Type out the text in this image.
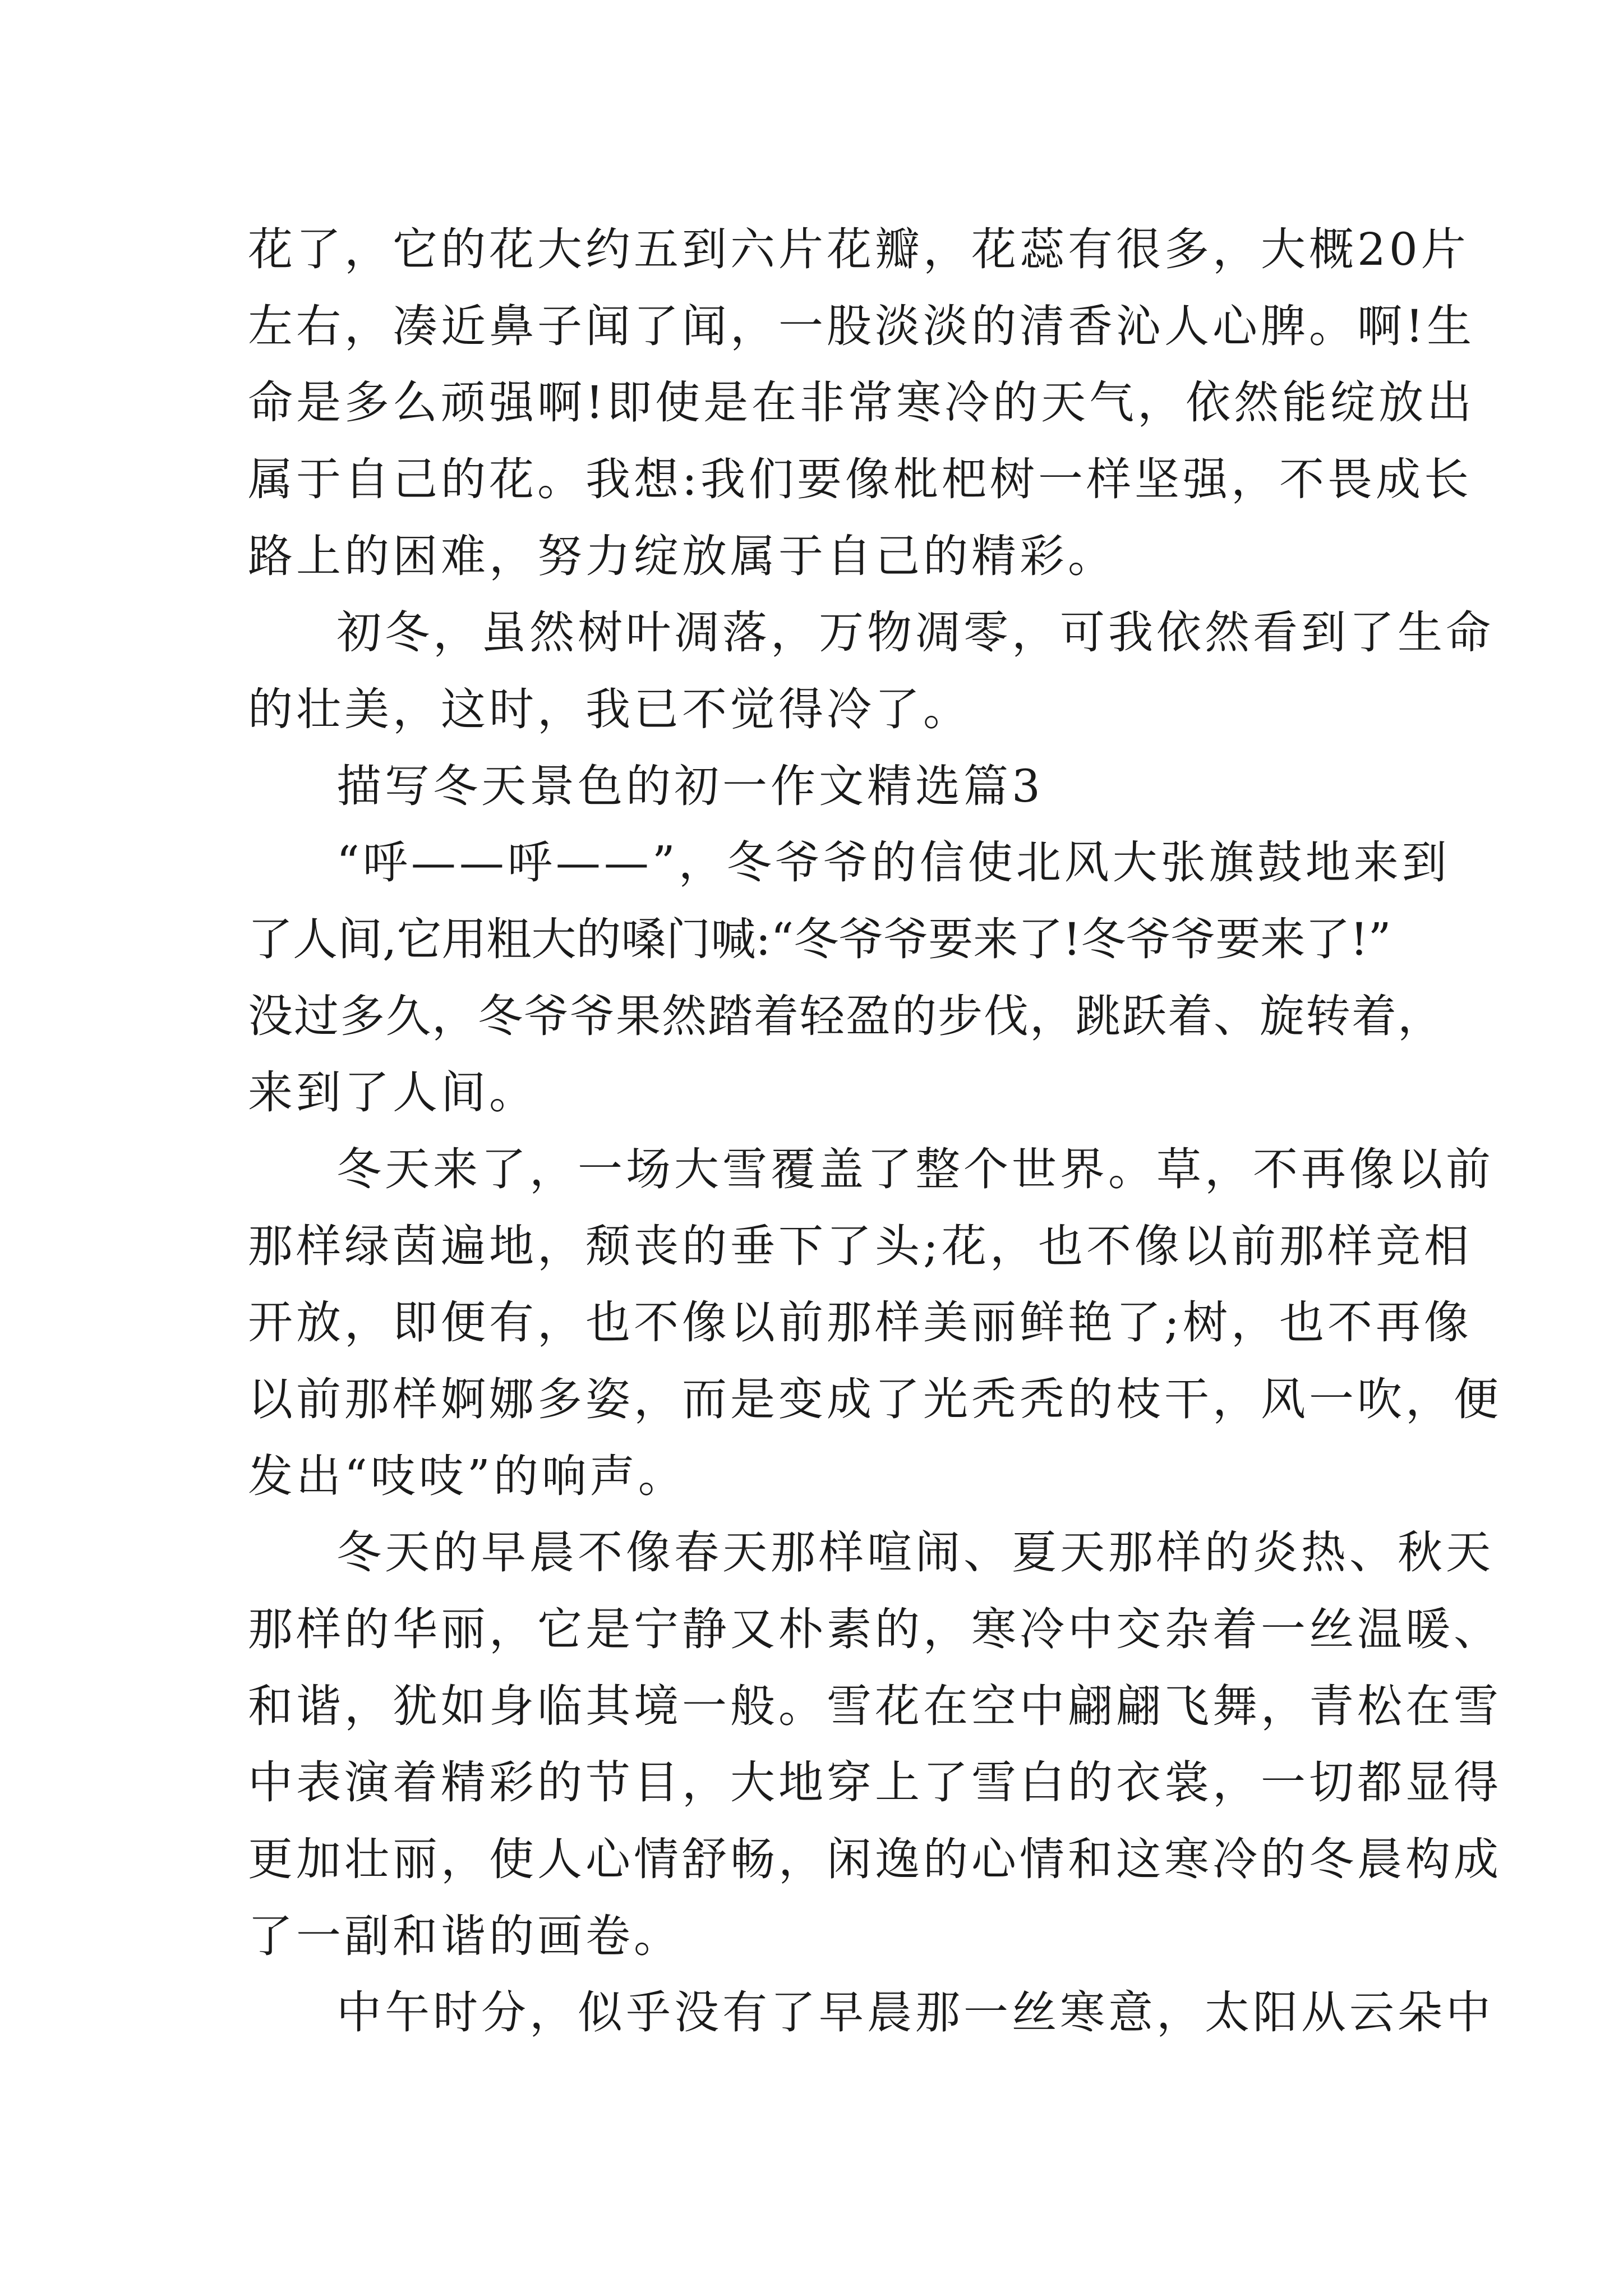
花了，它的花大约五到六片花瓣，花蕊有很多，大概20片
左右，凑近鼻子闻了闻，一股淡淡的清香沁人心脾。啊!生
命是多么顽强啊!即使是在非常寒冷的天气，依然能绽放出
属于自己的花。我想:我们要像枇杷树一样坚强，不畏成长
路上的困难，努力绽放属于自己的精彩。
初冬，虽然树叶凋落，万物凋零，可我依然看到了生命
的壮美，这时，我已不觉得冷了。
描写冬天景色的初一作文精选篇3
“呼——呼——”，冬爷爷的信使北风大张旗鼓地来到
了人间,它用粗大的嗓门喊:“冬爷爷要来了!冬爷爷要来了!”
没过多久，冬爷爷果然踏着轻盈的步伐，跳跃着、旋转着，
来到了人间。
冬天来了，一场大雪覆盖了整个世界。草，不再像以前
那样绿茵遍地，颓丧的垂下了头;花，也不像以前那样竞相
开放，即便有，也不像以前那样美丽鲜艳了;树，也不再像
以前那样婀娜多姿，而是变成了光秃秃的枝干，风一吹，便
发出“吱吱”的响声。
冬天的早晨不像春天那样喧闹、夏天那样的炎热、秋天
那样的华丽，它是宁静又朴素的，寒冷中交杂着一丝温暖、
和谐，犹如身临其境一般。雪花在空中翩翩飞舞，青松在雪
中表演着精彩的节目，大地穿上了雪白的衣裳，一切都显得
更加壮丽，使人心情舒畅，闲逸的心情和这寒冷的冬晨构成
了一副和谐的画卷。
中午时分，似乎没有了早晨那一丝寒意，太阳从云朵中
